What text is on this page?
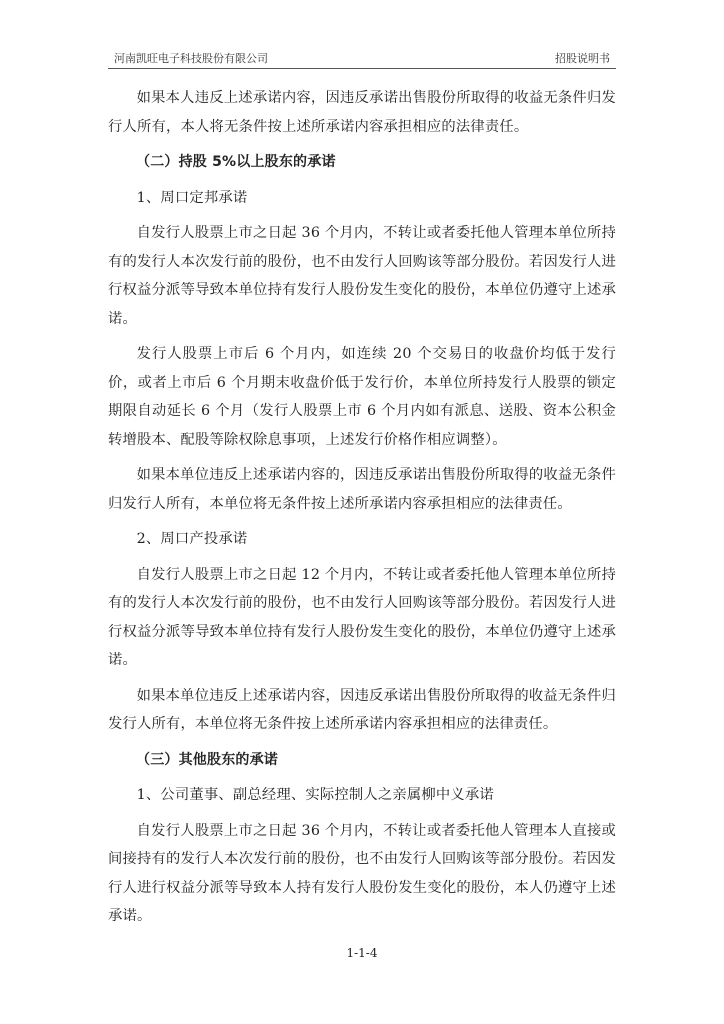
河南凯旺电子科技股份有限公司	招股说明书

如果本人违反上述承诺内容，因违反承诺出售股份所取得的收益无条件归发行人所有，本人将无条件按上述所承诺内容承担相应的法律责任。

（二）持股 5%以上股东的承诺

1、周口定邦承诺

自发行人股票上市之日起 36 个月内，不转让或者委托他人管理本单位所持有的发行人本次发行前的股份，也不由发行人回购该等部分股份。若因发行人进行权益分派等导致本单位持有发行人股份发生变化的股份，本单位仍遵守上述承诺。

发行人股票上市后 6 个月内，如连续 20 个交易日的收盘价均低于发行价，或者上市后 6 个月期末收盘价低于发行价，本单位所持发行人股票的锁定期限自动延长 6 个月（发行人股票上市 6 个月内如有派息、送股、资本公积金转增股本、配股等除权除息事项，上述发行价格作相应调整）。

如果本单位违反上述承诺内容的，因违反承诺出售股份所取得的收益无条件归发行人所有，本单位将无条件按上述所承诺内容承担相应的法律责任。

2、周口产投承诺

自发行人股票上市之日起 12 个月内，不转让或者委托他人管理本单位所持有的发行人本次发行前的股份，也不由发行人回购该等部分股份。若因发行人进行权益分派等导致本单位持有发行人股份发生变化的股份，本单位仍遵守上述承诺。

如果本单位违反上述承诺内容，因违反承诺出售股份所取得的收益无条件归发行人所有，本单位将无条件按上述所承诺内容承担相应的法律责任。

（三）其他股东的承诺

1、公司董事、副总经理、实际控制人之亲属柳中义承诺

自发行人股票上市之日起 36 个月内，不转让或者委托他人管理本人直接或间接持有的发行人本次发行前的股份，也不由发行人回购该等部分股份。若因发行人进行权益分派等导致本人持有发行人股份发生变化的股份，本人仍遵守上述承诺。

1-1-4
